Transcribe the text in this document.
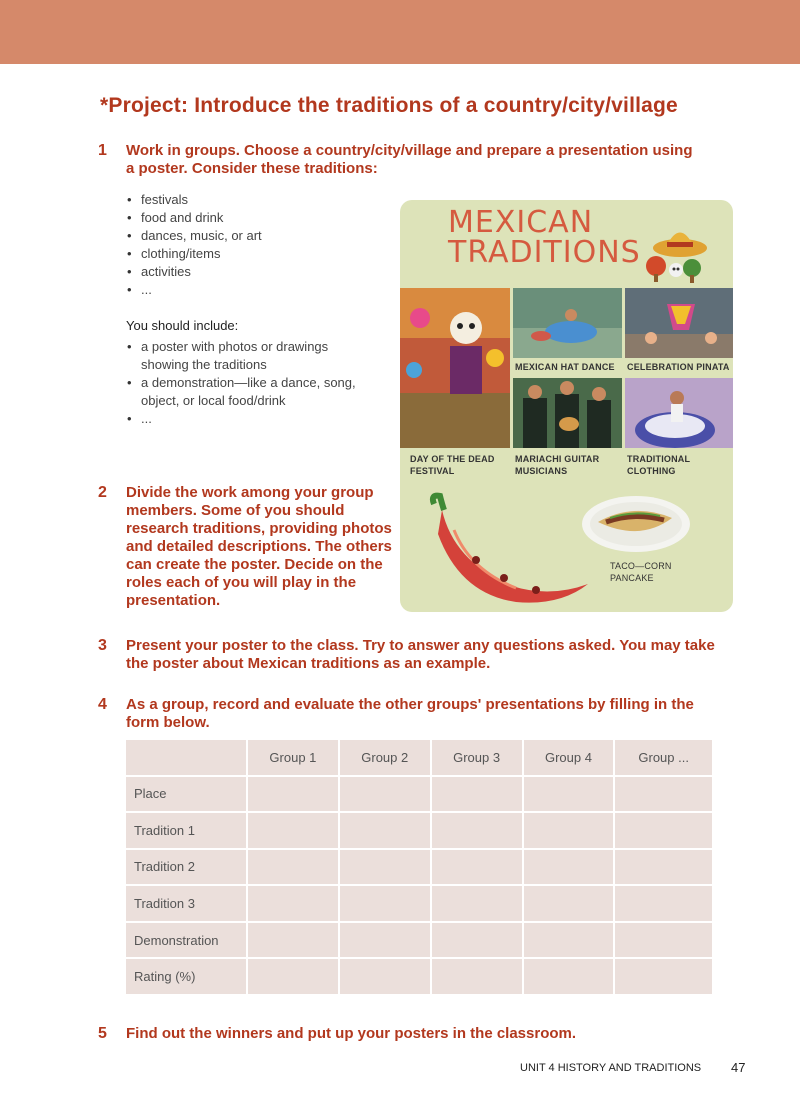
*Project: Introduce the traditions of a country/city/village
1 Work in groups. Choose a country/city/village and prepare a presentation using a poster. Consider these traditions:
• festivals
• food and drink
• dances, music, or art
• clothing/items
• activities
• ...
You should include:
• a poster with photos or drawings showing the traditions
• a demonstration—like a dance, song, object, or local food/drink
• ...
MEXICAN
TRADITIONS
MEXICAN HAT DANCE CELEBRATION PINATA
DAY OF THE DEAD
FESTIVAL
MARIACHI GUITAR
MUSICIANS
TRADITIONAL
CLOTHING
TACO—CORN
PANCAKE
2 Divide the work among your group members. Some of you should research traditions, providing photos and detailed descriptions. The others can create the poster. Decide on the roles each of you will play in the presentation.
3 Present your poster to the class. Try to answer any questions asked. You may take the poster about Mexican traditions as an example.
4 As a group, record and evaluate the other groups' presentations by filling in the form below.
	Group 1	Group 2	Group 3	Group 4	Group ...
Place					
Tradition 1					
Tradition 2					
Tradition 3					
Demonstration					
Rating (%)					
5 Find out the winners and put up your posters in the classroom.
UNIT 4 HISTORY AND TRADITIONS 47
